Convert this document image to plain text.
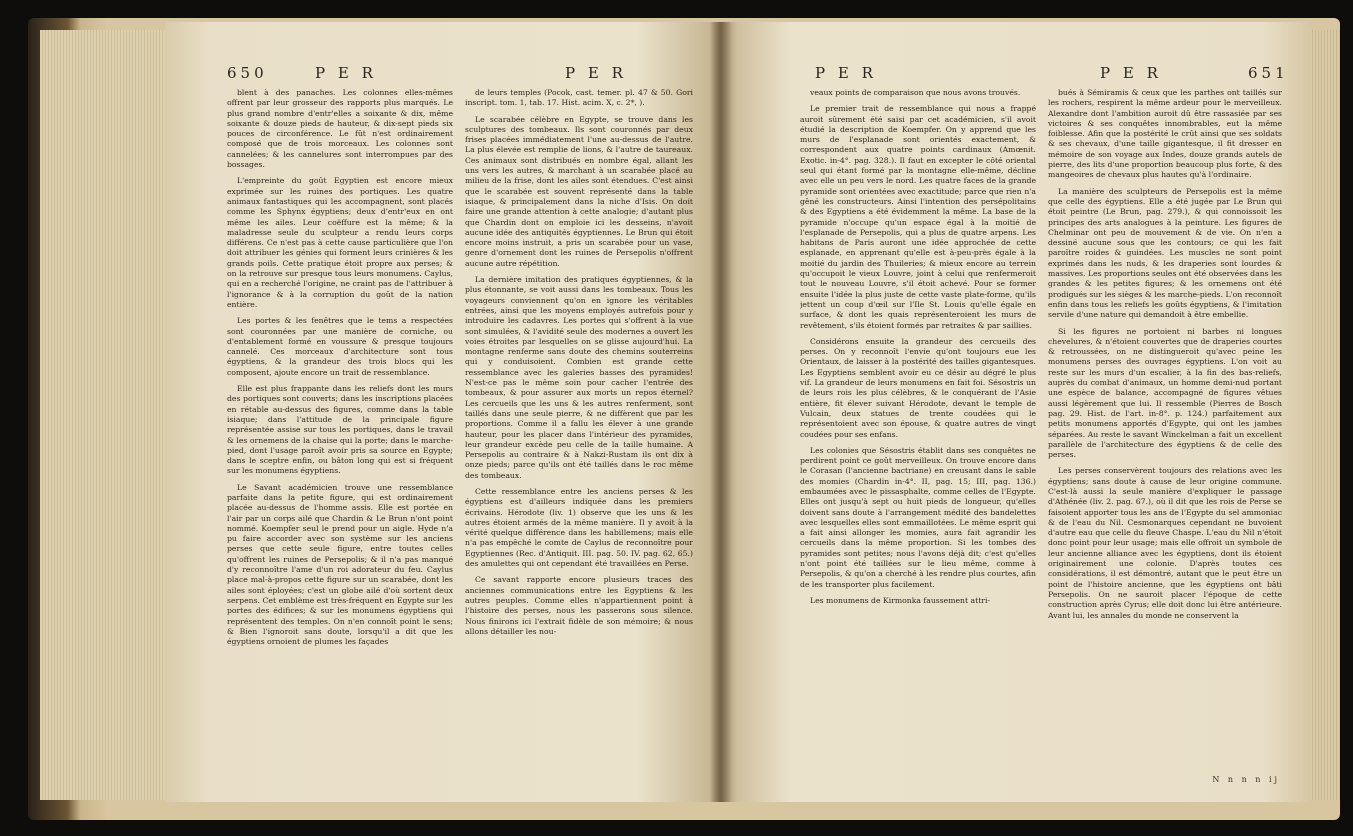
650	P E R	P E R

blent à des panaches. Les colonnes elles-mêmes offrent par leur grosseur des rapports plus marqués. Le plus grand nombre d'entr'elles a soixante & dix, même soixante & douze pieds de hauteur, & dix-sept pieds six pouces de circonférence. Le fût n'est ordinairement composé que de trois morceaux. Les colonnes sont cannelées; & les cannelures sont interrompues par des bossages.

L'empreinte du goût Egyptien est encore mieux exprimée sur les ruines des portiques. Les quatre animaux fantastiques qui les accompagnent, sont placés comme les Sphynx égyptiens; deux d'entr'eux en ont même les ailes. Leur coëffure est la même; & la maladresse seule du sculpteur a rendu leurs corps différens. Ce n'est pas à cette cause particulière que l'on doit attribuer les génies qui forment leurs crinières & les grands poils. Cette pratique étoit propre aux perses; & on la retrouve sur presque tous leurs monumens. Caylus, qui en a recherché l'origine, ne craint pas de l'attribuer à l'ignorance & à la corruption du goût de la nation entière.

Les portes & les fenêtres que le tems a respectées sont couronnées par une manière de corniche, ou d'entablement formé en voussure & presque toujours cannelé. Ces morceaux d'architecture sont tous égyptiens, & la grandeur des trois blocs qui les composent, ajoute encore un trait de ressemblance.

Elle est plus frappante dans les reliefs dont les murs des portiques sont couverts; dans les inscriptions placées en rétable au-dessus des figures, comme dans la table isiaque; dans l'attitude de la principale figure représentée assise sur tous les portiques, dans le travail & les ornemens de la chaise qui la porte; dans le marche-pied, dont l'usage paroît avoir pris sa source en Egypte; dans le sceptre enfin, ou bâton long qui est si fréquent sur les monumens égyptiens.

Le Savant académicien trouve une ressemblance parfaite dans la petite figure, qui est ordinairement placée au-dessus de l'homme assis. Elle est portée en l'air par un corps ailé que Chardin & Le Brun n'ont point nommé. Koempfer seul le prend pour un aigle. Hyde n'a pu faire accorder avec son système sur les anciens perses que cette seule figure, entre toutes celles qu'offrent les ruines de Persepolis; & il n'a pas manqué d'y reconnoître l'ame d'un roi adorateur du feu. Caylus place mal-à-propos cette figure sur un scarabée, dont les ailes sont éployées; c'est un globe ailé d'où sortent deux serpens. Cet emblème est très-fréquent en Egypte sur les portes des édifices; & sur les monumens égyptiens qui représentent des temples. On n'en connoît point le sens; & Bien l'ignoroit sans doute, lorsqu'il a dit que les égyptiens ornoient de plumes les façades

de leurs temples (Pocok, cast. temer. pl. 47 & 50. Gori inscript. tom. 1, tab. 17. Hist. acim. X, c. 2*, ).

Le scarabée célèbre en Egypte, se trouve dans les sculptures des tombeaux. Ils sont couronnés par deux frises placées immédiatement l'une au-dessus de l'autre. La plus élevée est remplie de lions, & l'autre de taureaux. Ces animaux sont distribués en nombre égal, allant les uns vers les autres, & marchant à un scarabée placé au milieu de la frise, dont les ailes sont étendues. C'est ainsi que le scarabée est souvent représenté dans la table isiaque, & principalement dans la niche d'Isis. On doit faire une grande attention à cette analogie; d'autant plus que Chardin dont on emploie ici les desseins, n'avoit aucune idée des antiquités égyptiennes. Le Brun qui étoit encore moins instruit, a pris un scarabée pour un vase, genre d'ornement dont les ruines de Persepolis n'offrent aucune autre répétition.

La dernière imitation des pratiques égyptiennes, & la plus étonnante, se voit aussi dans les tombeaux. Tous les voyageurs conviennent qu'on en ignore les véritables entrées, ainsi que les moyens employés autrefois pour y introduire les cadavres. Les portes qui s'offrent à la vue sont simulées, & l'avidité seule des modernes a ouvert les voies étroites par lesquelles on se glisse aujourd'hui. La montagne renferme sans doute des chemins souterreins qui y conduisoient. Combien est grande cette ressemblance avec les galeries basses des pyramides! N'est-ce pas le même soin pour cacher l'entrée des tombeaux, & pour assurer aux morts un repos éternel? Les cercueils que les uns & les autres renferment, sont taillés dans une seule pierre, & ne diffèrent que par les proportions. Comme il a fallu les élever à une grande hauteur, pour les placer dans l'intérieur des pyramides, leur grandeur excède peu celle de la taille humaine. A Persepolis au contraire & à Nakzi-Rustam ils ont dix à onze pieds; parce qu'ils ont été taillés dans le roc même des tombeaux.

Cette ressemblance entre les anciens perses & les égyptiens est d'ailleurs indiquée dans les premiers écrivains. Hérodote (liv. 1) observe que les uns & les autres étoient armés de la même manière. Il y avoit à la vérité quelque différence dans les habillemens; mais elle n'a pas empêché le comte de Caylus de reconnoître pour Egyptiennes (Rec. d'Antiquit. III. pag. 50. IV. pag. 62, 65.) des amulettes qui ont cependant été travaillées en Perse.

Ce savant rapporte encore plusieurs traces des anciennes communications entre les Egyptiens & les autres peuples. Comme elles n'appartiennent point à l'histoire des perses, nous les passerons sous silence. Nous finirons ici l'extrait fidèle de son mémoire; & nous allons détailler les nou-

P E R	P E R	651

veaux points de comparaison que nous avons trouvés.

Le premier trait de ressemblance qui nous a frappé auroit sûrement été saisi par cet académicien, s'il avoit étudié la description de Koempfer. On y apprend que les murs de l'esplanade sont orientés exactement, & correspondent aux quatre points cardinaux (Amœnit. Exotic. in-4°. pag. 328.). Il faut en excepter le côté oriental seul qui étant formé par la montagne elle-même, décline avec elle un peu vers le nord. Les quatre faces de la grande pyramide sont orientées avec exactitude; parce que rien n'a gêné les constructeurs. Ainsi l'intention des persépolitains & des Egyptiens a été évidemment la même. La base de la pyramide n'occupe qu'un espace égal à la moitié de l'esplanade de Persepolis, qui a plus de quatre arpens. Les habitans de Paris auront une idée approchée de cette esplanade, en apprenant qu'elle est à-peu-près égale à la moitié du jardin des Thuileries; & mieux encore au terrein qu'occupoit le vieux Louvre, joint à celui que renfermeroit tout le nouveau Louvre, s'il étoit achevé. Pour se former ensuite l'idée la plus juste de cette vaste plate-forme, qu'ils jettent un coup d'œil sur l'Ile St. Louis qu'elle égale en surface, & dont les quais représenteroient les murs de revêtement, s'ils étoient formés par retraites & par saillies.

Considérons ensuite la grandeur des cercueils des perses. On y reconnoît l'envie qu'ont toujours eue les Orientaux, de laisser à la postérité des tailles gigantesques. Les Egyptiens semblent avoir eu ce désir au dégré le plus vif. La grandeur de leurs monumens en fait foi. Sésostris un de leurs rois les plus célèbres, & le conquérant de l'Asie entière, fit élever suivant Hérodote, devant le temple de Vulcain, deux statues de trente coudées qui le représentoient avec son épouse, & quatre autres de vingt coudées pour ses enfans.

Les colonies que Sésostris établit dans ses conquêtes ne perdirent point ce goût merveilleux. On trouve encore dans le Corasan (l'ancienne bactriane) en creusant dans le sable des momies (Chardin in-4°. II, pag. 15; III, pag. 136.) embaumées avec le pissasphalte, comme celles de l'Egypte. Elles ont jusqu'à sept ou huit pieds de longueur, qu'elles doivent sans doute à l'arrangement médité des bandelettes avec lesquelles elles sont emmaillotées. Le même esprit qui a fait ainsi allonger les momies, aura fait agrandir les cercueils dans la même proportion. Si les tombes des pyramides sont petites; nous l'avons déjà dit; c'est qu'elles n'ont point été taillées sur le lieu même, comme à Persepolis, & qu'on a cherché à les rendre plus courtes, afin de les transporter plus facilement.

Les monumens de Kirmonka faussement attri-

bués à Sémiramis & ceux que les parthes ont taillés sur les rochers, respirent la même ardeur pour le merveilleux. Alexandre dont l'ambition auroit dû être rassasiée par ses victoires & ses conquêtes innombrables, eut la même foiblesse. Afin que la postérité le crût ainsi que ses soldats & ses chevaux, d'une taille gigantesque, il fit dresser en mémoire de son voyage aux Indes, douze grands autels de pierre, des lits d'une proportion beaucoup plus forte, & des mangeoires de chevaux plus hautes qu'à l'ordinaire.

La manière des sculpteurs de Persepolis est la même que celle des égyptiens. Elle a été jugée par Le Brun qui étoit peintre (Le Brun, pag. 279.), & qui connoissoit les principes des arts analogues à la peinture. Les figures de Chelminar ont peu de mouvement & de vie. On n'en a dessiné aucune sous que les contours; ce qui les fait paroître roides & guindées. Les muscles ne sont point exprimés dans les nuds, & les draperies sont lourdes & massives. Les proportions seules ont été observées dans les grandes & les petites figures; & les ornemens ont été prodigués sur les sièges & les marche-pieds. L'on reconnoît enfin dans tous les reliefs les goûts égyptiens, & l'imitation servile d'une nature qui demandoit à être embellie.

Si les figures ne portoient ni barbes ni longues chevelures, & n'étoient couvertes que de draperies courtes & retroussées, on ne distingueroit qu'avec peine les monumens perses des ouvrages égyptiens. L'on voit au reste sur les murs d'un escalier, à la fin des bas-reliefs, auprès du combat d'animaux, un homme demi-nud portant une espèce de balance, accompagné de figures vêtues aussi légèrement que lui. Il ressemble (Pierres de Bosch pag. 29. Hist. de l'art. in-8°. p. 124.) parfaitement aux petits monumens apportés d'Egypte, qui ont les jambes séparées. Au reste le savant Winckelman a fait un excellent parallèle de l'architecture des égyptiens & de celle des perses.

Les perses conservèrent toujours des relations avec les égyptiens; sans doute à cause de leur origine commune. C'est-là aussi la seule manière d'expliquer le passage d'Athénée (liv. 2. pag. 67.), où il dit que les rois de Perse se faisoient apporter tous les ans de l'Egypte du sel ammoniac & de l'eau du Nil. Cesmonarques cependant ne buvoient d'autre eau que celle du fleuve Chaspe. L'eau du Nil n'étoit donc point pour leur usage; mais elle offroit un symbole de leur ancienne alliance avec les égyptiens, dont ils étoient originairement une colonie. D'après toutes ces considérations, il est démontré, autant que le peut être un point de l'histoire ancienne, que les égyptiens ont bâti Persepolis. On ne sauroit placer l'époque de cette construction après Cyrus; elle doit donc lui être antérieure. Avant lui, les annales du monde ne conservent la

N n n n ij
